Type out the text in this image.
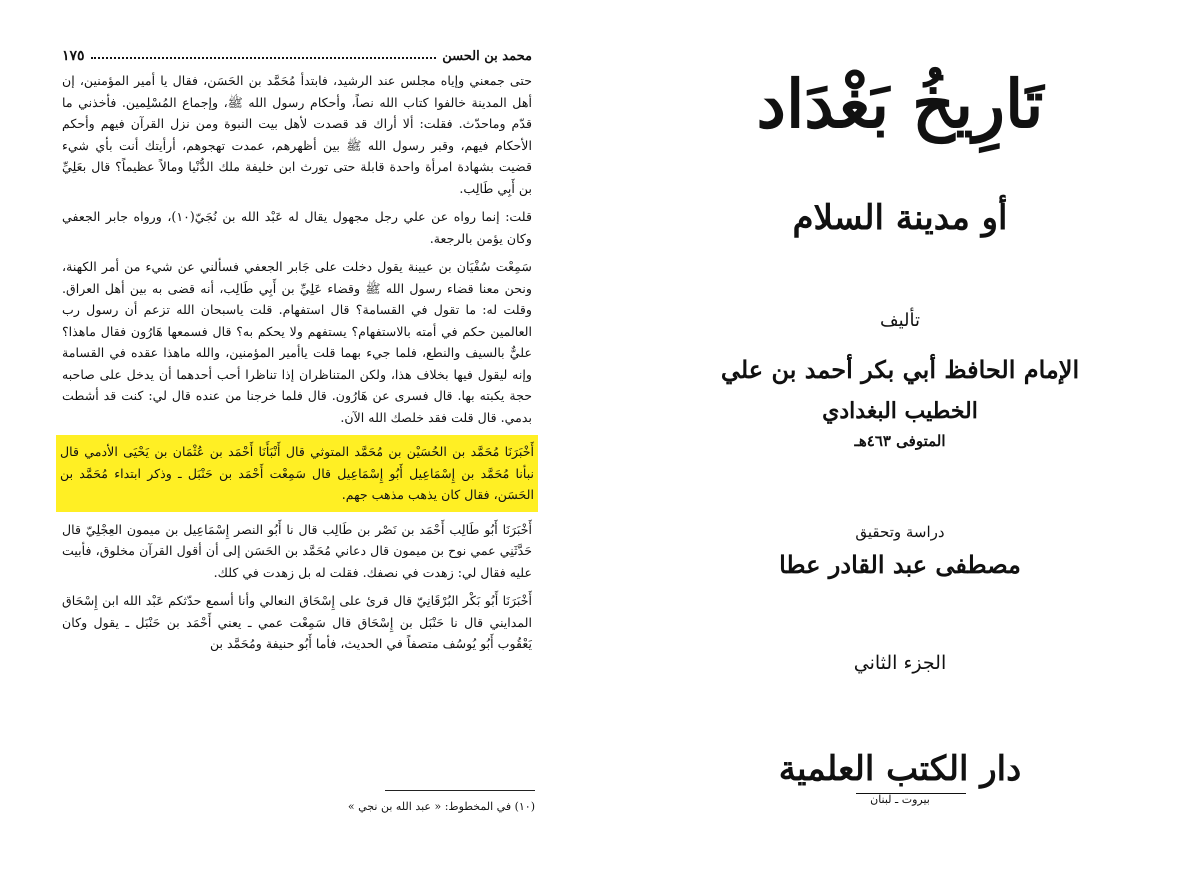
محمد بن الحسن
١٧٥

حتى جمعني وإياه مجلس عند الرشيد، فابتدأ مُحَمَّد بن الحَسَن، فقال يا أمير المؤمنين، إن أهل المدينة خالفوا كتاب الله نصاً، وأحكام رسول الله ﷺ، وإجماع المُسْلِمين. فأخذني ما قدّم وماحدّث. فقلت: ألا أراك قد قصدت لأهل بيت النبوة ومن نزل القرآن فيهم وأحكم الأحكام فيهم، وقبر رسول الله ﷺ بين أظهرهم، عمدت تهجوهم، أرأيتك أنت بأي شيء قضيت بشهادة امرأة واحدة قابلة حتى تورث ابن خليفة ملك الدُّنْيا ومالاً عظيماً؟ قال بعَلِيِّ بن أَبِي طَالِب.

قلت: إنما رواه عن علي رجل مجهول يقال له عَبْد الله بن نُجَيّ(١٠)، ورواه جابر الجعفي وكان يؤمن بالرجعة.

سَمِعْت سُفْيَان بن عيينة يقول دخلت على جَابر الجعفي فسألني عن شيء من أمر الكهنة، ونحن معنا قضاء رسول الله ﷺ وقضاء عَلِيِّ بن أَبِي طَالِب، أنه قضى به بين أهل العراق. وقلت له: ما تقول في القسامة؟ قال استفهام. قلت ياسبحان الله تزعم أن رسول رب العالمين حكم في أمته بالاستفهام؟ يستفهم ولا يحكم به؟ قال فسمعها هَارُون فقال ماهذا؟ عليٌّ بالسيف والنطع، فلما جيء بهما قلت ياأمير المؤمنين، والله ماهذا عقده في القسامة وإنه ليقول فيها بخلاف هذا، ولكن المتناظران إذا تناظرا أحب أحدهما أن يدخل على صاحبه حجة يكبته بها. قال فسرى عن هَارُون. قال فلما خرجنا من عنده قال لي: كنت قد أشطت بدمي. قال قلت فقد خلصك الله الآن.

أَخْبَرَنَا مُحَمَّد بن الحُسَيْن بن مُحَمَّد المتوثي قال أَنْبَأَنَا أَحْمَد بن عُثْمَان بن يَحْيَى الأدمي قال نبأنا مُحَمَّد بن إِسْمَاعِيل أَبُو إِسْمَاعِيل قال سَمِعْت أَحْمَد بن حَنْبَل ـ وذكر ابتداء مُحَمَّد بن الحَسَن، فقال كان يذهب مذهب جهم.

أَخْبَرَنَا أَبُو طَالِب أَحْمَد بن نَصْر بن طَالِب قال نا أَبُو النصر إِسْمَاعِيل بن ميمون العِجْلِيّ قال حَدَّثَنِي عمي نوح بن ميمون قال دعاني مُحَمَّد بن الحَسَن إلى أن أقول القرآن مخلوق، فأبيت عليه فقال لي: زهدت في نصفك. فقلت له بل زهدت في كلك.

أَخْبَرَنَا أَبُو بَكْر البُرْقَانِيّ قال قرئ على إِسْحَاق النعالي وأنا أسمع حدّثكم عَبْد الله ابن إِسْحَاق المدايني قال نا حَنْبَل بن إِسْحَاق قال سَمِعْت عمي ـ يعني أَحْمَد بن حَنْبَل ـ يقول وكان يَعْقُوب أَبُو يُوسُف متصفاً في الحديث، فأما أَبُو حنيفة ومُحَمَّد بن

(١٠) في المخطوط: « عبد الله بن نجي »
تَارِيخُ بَغْدَاد
أو مدينة السلام
تأليف
الإمام الحافظ أبي بكر أحمد بن علي
الخطيب البغدادي
المتوفى ٤٦٣هـ
دراسة وتحقيق
مصطفى عبد القادر عطا
الجزء الثاني
دار الكتب العلمية
بيروت ـ لبنان
